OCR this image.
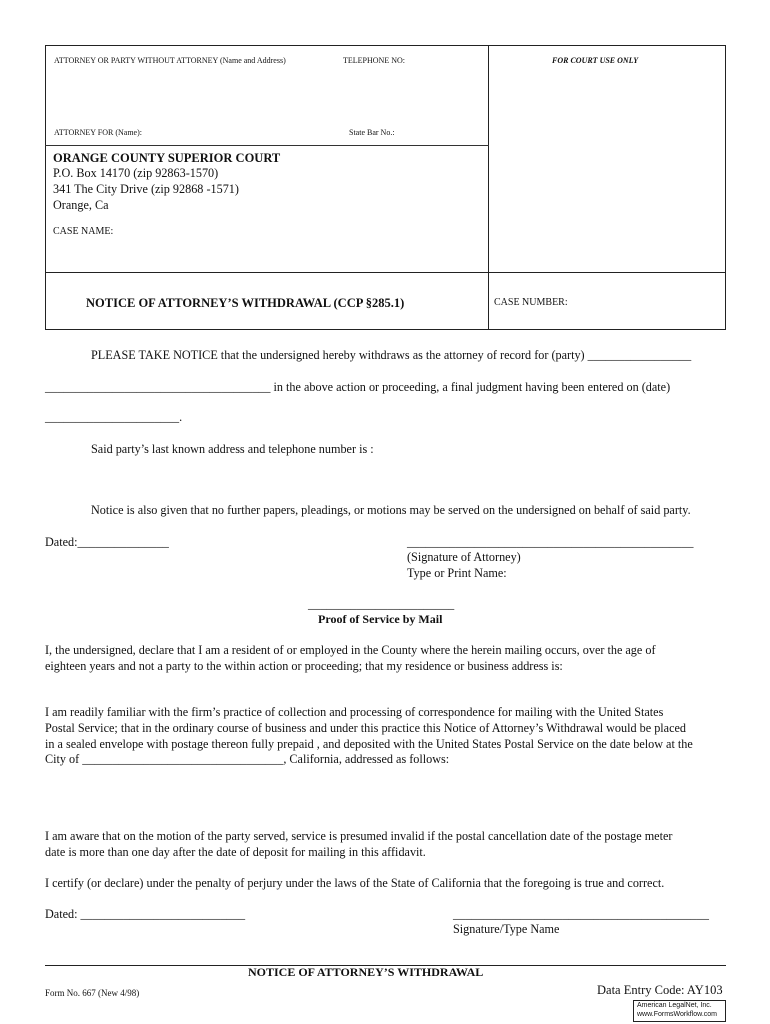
ATTORNEY OR PARTY WITHOUT ATTORNEY (Name and Address)	TELEPHONE NO:	FOR COURT USE ONLY
ATTORNEY FOR (Name):	State Bar No.:
ORANGE COUNTY SUPERIOR COURT
P.O. Box 14170 (zip 92863-1570)
341 The City Drive (zip 92868 -1571)
Orange, Ca
CASE NAME:
NOTICE OF ATTORNEY’S WITHDRAWAL (CCP §285.1)	CASE NUMBER:
PLEASE TAKE NOTICE that the undersigned hereby withdraws as the attorney of record for (party) _________________
_____________________________________ in the above action or proceeding, a final judgment having been entered on (date)
______________________.
Said party’s last known address and telephone number is :
Notice is also given that no further papers, pleadings, or motions may be served on the undersigned on behalf of said party.
Dated:_______________	_______________________________________________
(Signature of Attorney)
Type or Print Name:
________________________
Proof of Service by Mail
I, the undersigned, declare that I am a resident of or employed in the County where the herein mailing occurs, over the age of
eighteen years and not a party to the within action or proceeding; that my residence or business address is:
I am readily familiar with the firm’s practice of collection and processing of correspondence for mailing with the United States
Postal Service; that in the ordinary course of business and under this practice this Notice of Attorney’s Withdrawal would be placed
in a sealed envelope with postage thereon fully prepaid , and deposited with the United States Postal Service on the date below at the
City of _________________________________, California, addressed as follows:
I am aware that on the motion of the party served, service is presumed invalid if the postal cancellation date of the postage meter
date is more than one day after the date of deposit for mailing in this affidavit.
I certify (or declare) under the penalty of perjury under the laws of the State of California that the foregoing is true and correct.
Dated: ___________________________	__________________________________________
Signature/Type Name
NOTICE OF ATTORNEY’S WITHDRAWAL
Form No. 667 (New 4/98)	Data Entry Code: AY103
American LegalNet, Inc.
www.FormsWorkflow.com
